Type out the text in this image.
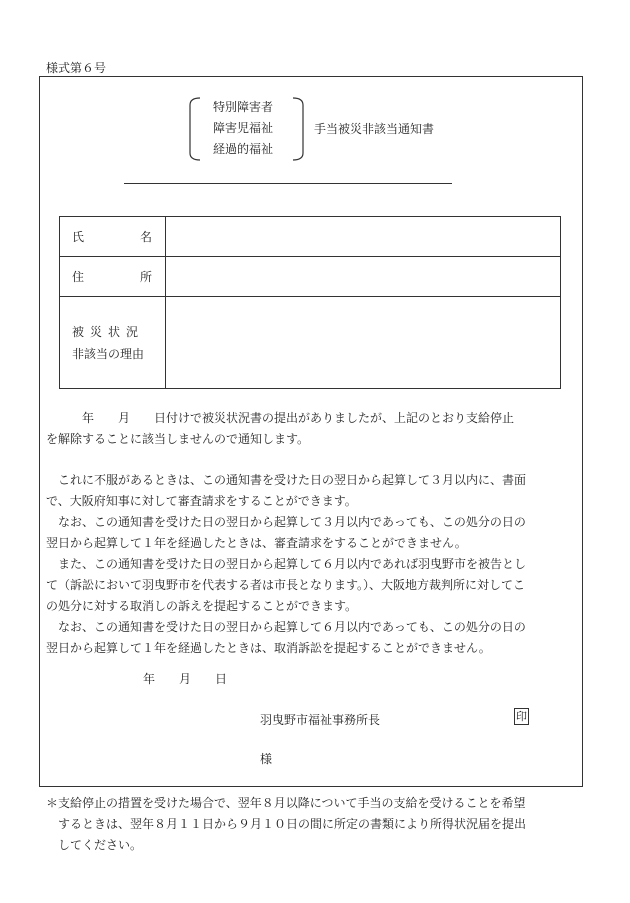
様式第６号
特別障害者
障害児福祉
経過的福祉
手当被災非該当通知書
氏 名	

住 所	

被災状況
非該当の理由	

　　　年　　月　　日付けで被災状況書の提出がありましたが、上記のとおり支給停止
を解除することに該当しませんので通知します。
　これに不服があるときは、この通知書を受けた日の翌日から起算して３月以内に、書面
で、大阪府知事に対して審査請求をすることができます。
　なお、この通知書を受けた日の翌日から起算して３月以内であっても、この処分の日の
翌日から起算して１年を経過したときは、審査請求をすることができません。
　また、この通知書を受けた日の翌日から起算して６月以内であれば羽曳野市を被告とし
て（訴訟において羽曳野市を代表する者は市長となります。）、大阪地方裁判所に対してこ
の処分に対する取消しの訴えを提起することができます。
　なお、この通知書を受けた日の翌日から起算して６月以内であっても、この処分の日の
翌日から起算して１年を経過したときは、取消訴訟を提起することができません。
年　　月　　日
羽曳野市福祉事務所長	印
様
＊支給停止の措置を受けた場合で、翌年８月以降について手当の支給を受けることを希望
　するときは、翌年８月１１日から９月１０日の間に所定の書類により所得状況届を提出
　してください。
